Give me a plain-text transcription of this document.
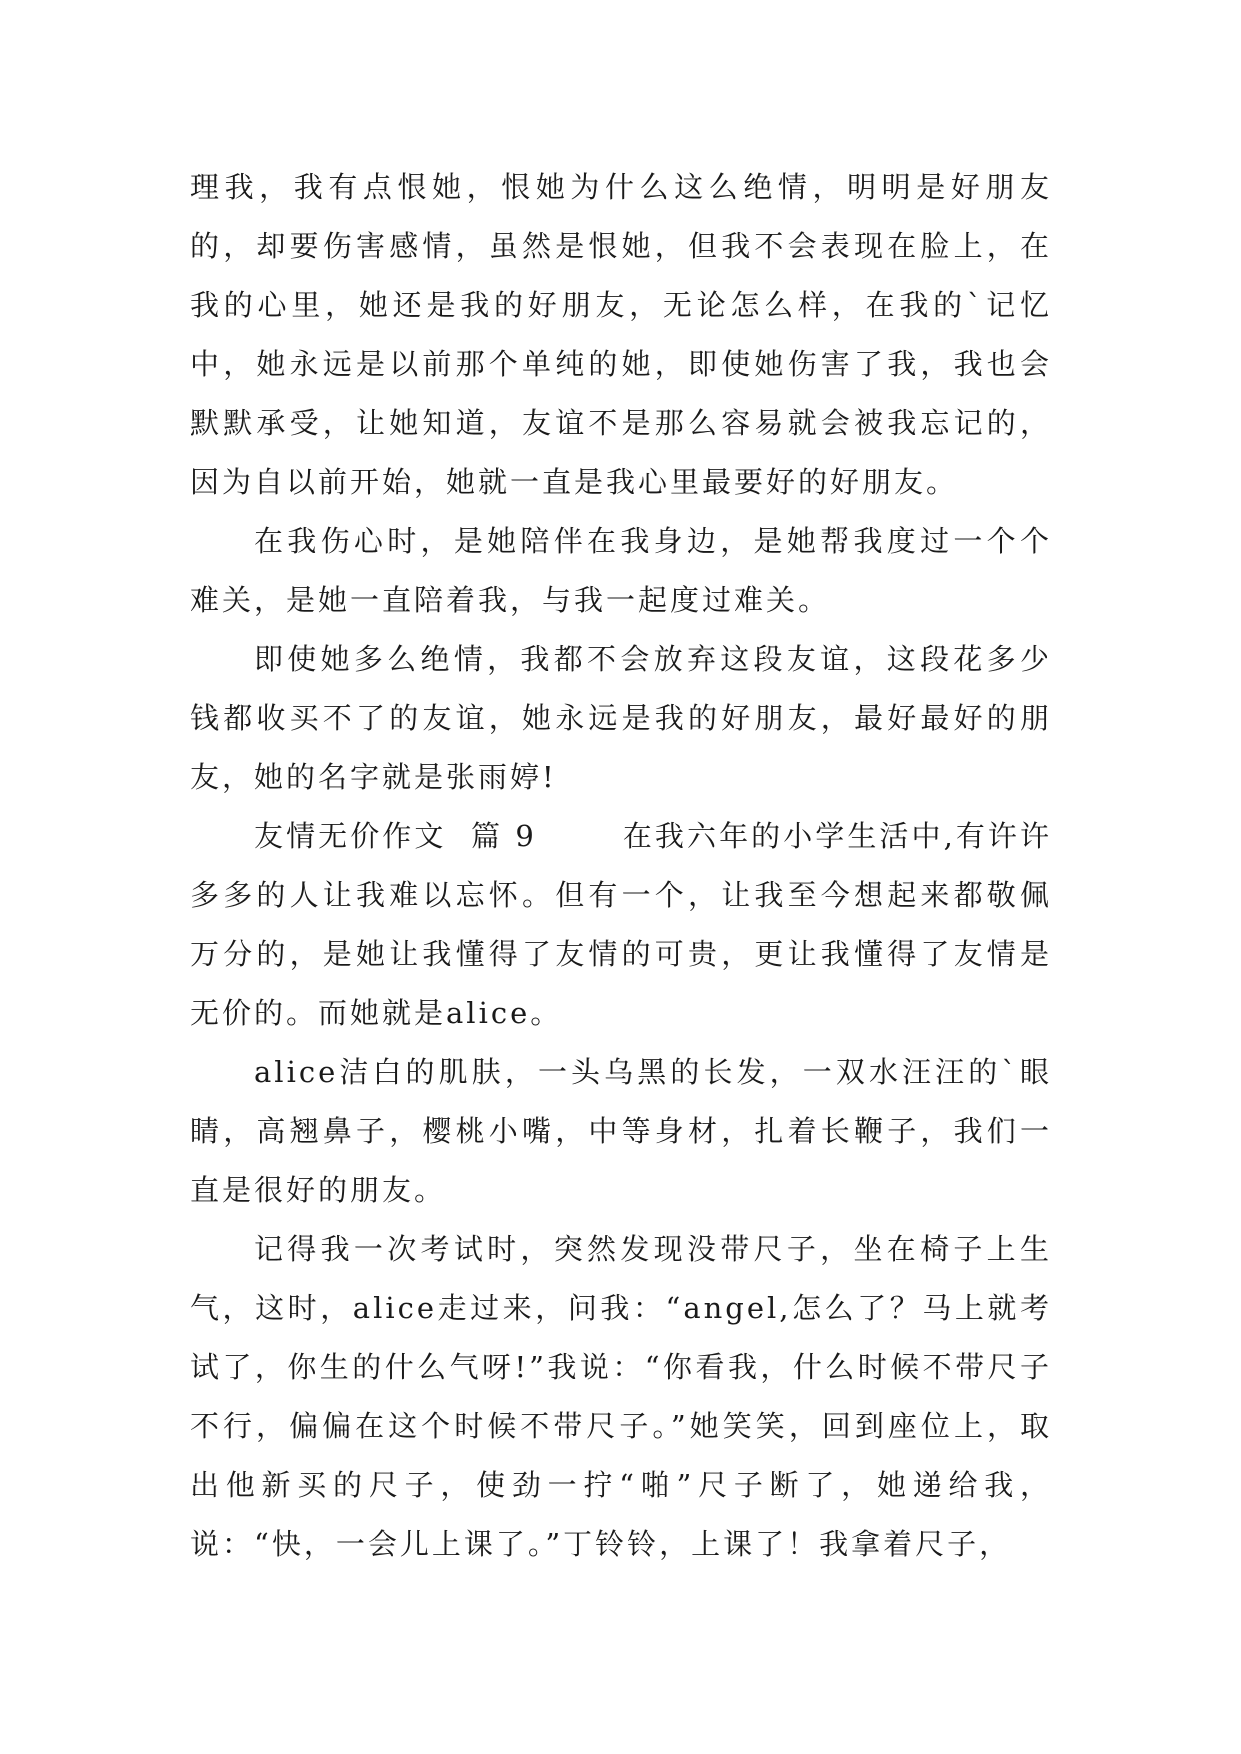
理我，我有点恨她，恨她为什么这么绝情，明明是好朋友的，却要伤害感情，虽然是恨她，但我不会表现在脸上，在我的心里，她还是我的好朋友，无论怎么样，在我的`记忆中，她永远是以前那个单纯的她，即使她伤害了我，我也会默默承受，让她知道，友谊不是那么容易就会被我忘记的，因为自以前开始，她就一直是我心里最要好的好朋友。

在我伤心时，是她陪伴在我身边，是她帮我度过一个个难关，是她一直陪着我，与我一起度过难关。

即使她多么绝情，我都不会放弃这段友谊，这段花多少钱都收买不了的友谊，她永远是我的好朋友，最好最好的朋友，她的名字就是张雨婷!

友情无价作文 篇 9	在我六年的小学生活中,有许许多多的人让我难以忘怀。但有一个，让我至今想起来都敬佩万分的，是她让我懂得了友情的可贵，更让我懂得了友情是无价的。而她就是alice。

alice洁白的肌肤，一头乌黑的长发，一双水汪汪的`眼睛，高翘鼻子，樱桃小嘴，中等身材，扎着长鞭子，我们一直是很好的朋友。

记得我一次考试时，突然发现没带尺子，坐在椅子上生气，这时，alice走过来，问我：“angel,怎么了？马上就考试了，你生的什么气呀!”我说：“你看我，什么时候不带尺子不行，偏偏在这个时候不带尺子。”她笑笑，回到座位上，取出他新买的尺子，使劲一拧“啪”尺子断了，她递给我，说：“快，一会儿上课了。”丁铃铃，上课了！我拿着尺子，
